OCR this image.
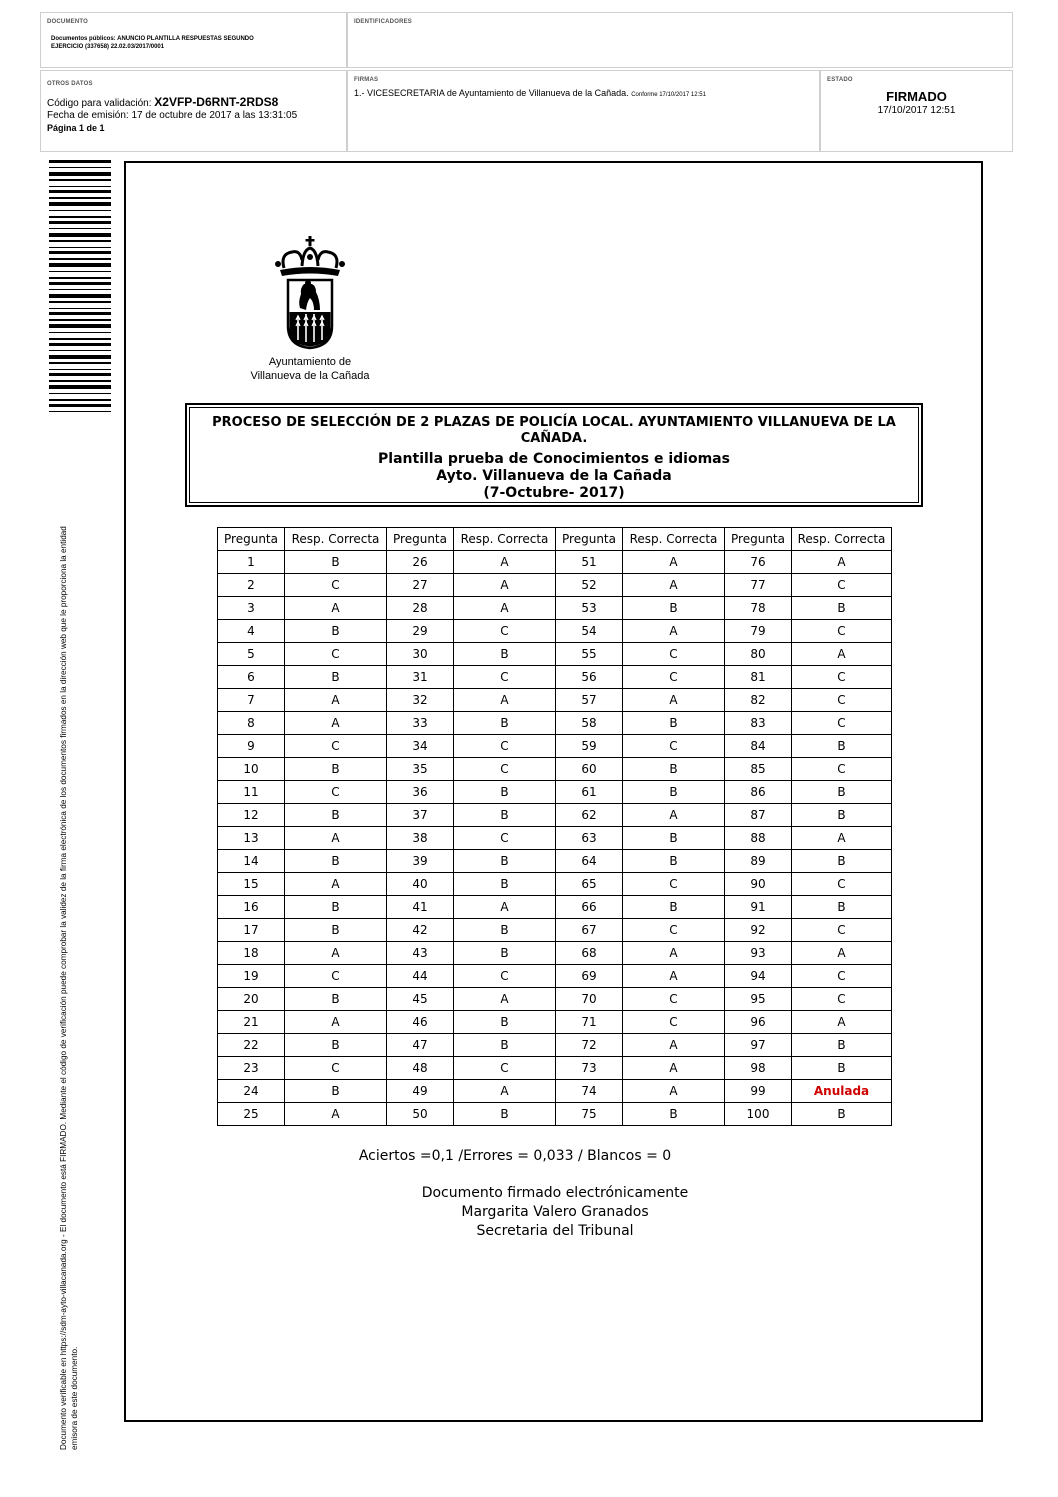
DOCUMENTO
Documentos públicos: ANUNCIO PLANTILLA RESPUESTAS SEGUNDO
EJERCICIO (337658) 22.02.03/2017/0001
IDENTIFICADORES
OTROS DATOS
Código para validación: X2VFP-D6RNT-2RDS8
Fecha de emisión: 17 de octubre de 2017 a las 13:31:05
Página 1 de 1
FIRMAS
1.- VICESECRETARIA de Ayuntamiento de Villanueva de la Cañada. Conforme 17/10/2017 12:51
ESTADO
FIRMADO
17/10/2017 12:51
Documento verificable en https://sdm-ayto-villacanada.org - El documento está FIRMADO. Mediante el código de verificación puede comprobar la validez de la firma electrónica de los documentos firmados en la dirección web que le proporciona la entidad emisora de este documento.
Ayuntamiento de
Villanueva de la Cañada
PROCESO DE SELECCIÓN DE 2 PLAZAS DE POLICÍA LOCAL. AYUNTAMIENTO VILLANUEVA DE LA CAÑADA.
Plantilla prueba de Conocimientos e idiomas
Ayto. Villanueva de la Cañada
(7-Octubre- 2017)
Pregunta	Resp. Correcta	Pregunta	Resp. Correcta	Pregunta	Resp. Correcta	Pregunta	Resp. Correcta
1	B	26	A	51	A	76	A
2	C	27	A	52	A	77	C
3	A	28	A	53	B	78	B
4	B	29	C	54	A	79	C
5	C	30	B	55	C	80	A
6	B	31	C	56	C	81	C
7	A	32	A	57	A	82	C
8	A	33	B	58	B	83	C
9	C	34	C	59	C	84	B
10	B	35	C	60	B	85	C
11	C	36	B	61	B	86	B
12	B	37	B	62	A	87	B
13	A	38	C	63	B	88	A
14	B	39	B	64	B	89	B
15	A	40	B	65	C	90	C
16	B	41	A	66	B	91	B
17	B	42	B	67	C	92	C
18	A	43	B	68	A	93	A
19	C	44	C	69	A	94	C
20	B	45	A	70	C	95	C
21	A	46	B	71	C	96	A
22	B	47	B	72	A	97	B
23	C	48	C	73	A	98	B
24	B	49	A	74	A	99	Anulada
25	A	50	B	75	B	100	B
Aciertos =0,1 /Errores = 0,033 / Blancos = 0
Documento firmado electrónicamente
Margarita Valero Granados
Secretaria del Tribunal
